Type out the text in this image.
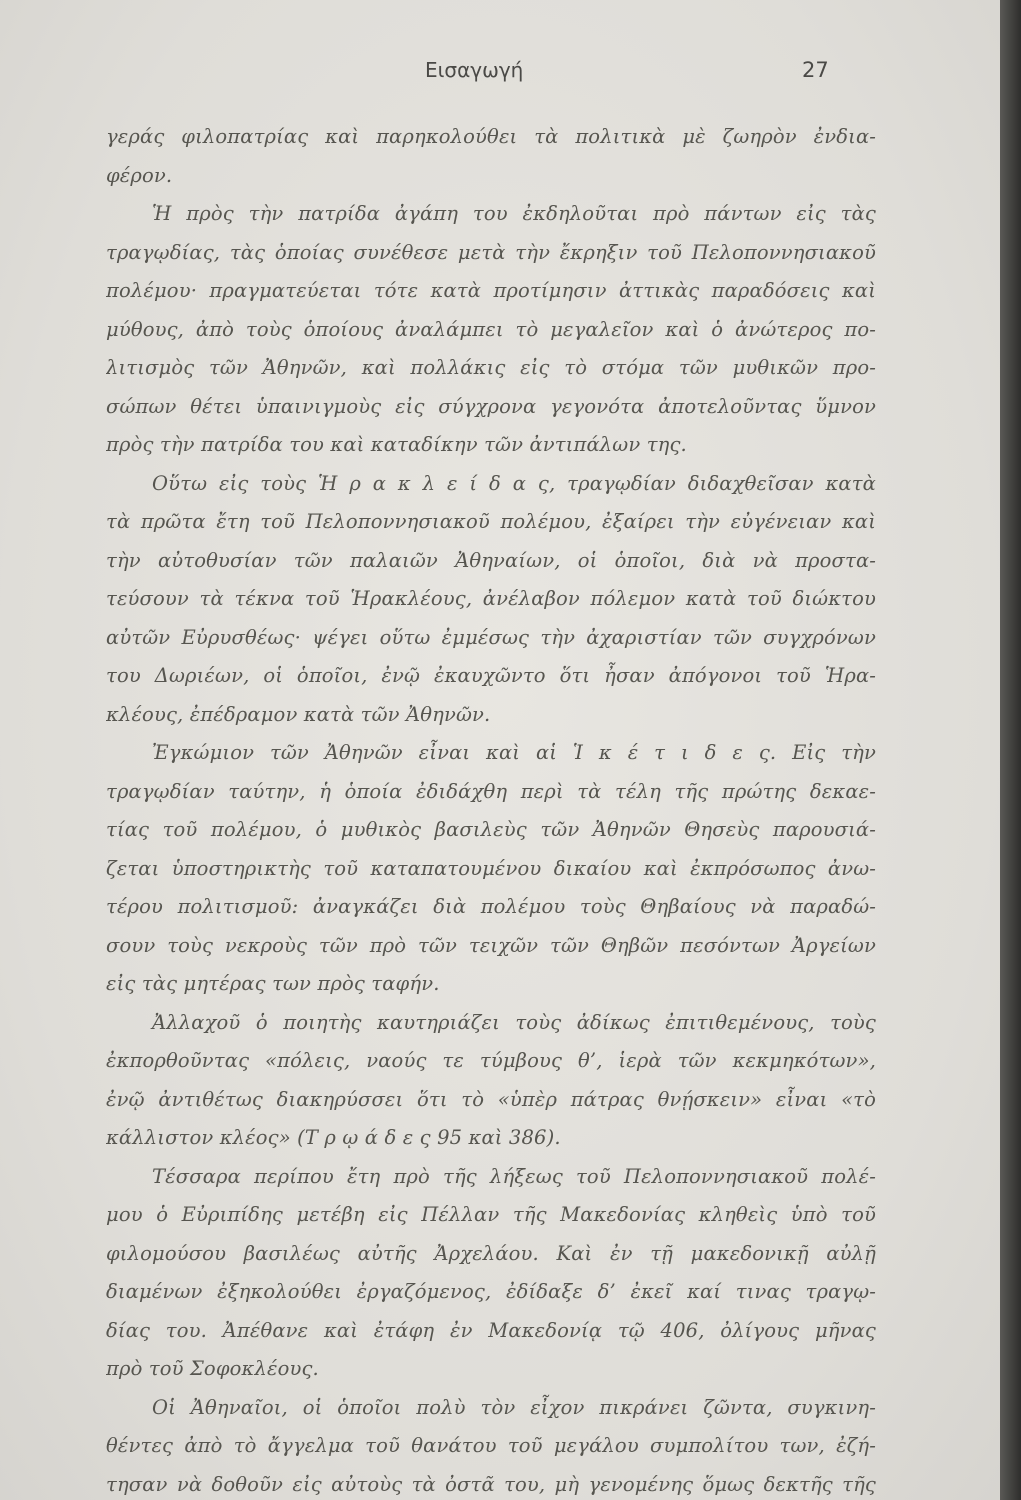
Εισαγωγή	27
γεράς φιλοπατρίας καὶ παρηκολούθει τὰ πολιτικὰ μὲ ζωηρὸν ἐνδια-
φέρον.
Ἡ πρὸς τὴν πατρίδα ἀγάπη του ἐκδηλοῦται πρὸ πάντων εἰς τὰς
τραγῳδίας, τὰς ὁποίας συνέθεσε μετὰ τὴν ἔκρηξιν τοῦ Πελοποννησιακοῦ
πολέμου· πραγματεύεται τότε κατὰ προτίμησιν ἀττικὰς παραδόσεις καὶ
μύθους, ἀπὸ τοὺς ὁποίους ἀναλάμπει τὸ μεγαλεῖον καὶ ὁ ἀνώτερος πο-
λιτισμὸς τῶν Ἀθηνῶν, καὶ πολλάκις εἰς τὸ στόμα τῶν μυθικῶν προ-
σώπων θέτει ὑπαινιγμοὺς εἰς σύγχρονα γεγονότα ἀποτελοῦντας ὕμνον
πρὸς τὴν πατρίδα του καὶ καταδίκην τῶν ἀντιπάλων της.
Οὕτω εἰς τοὺς Ἡ ρ α κ λ ε ί δ α ς, τραγῳδίαν διδαχθεῖσαν κατὰ
τὰ πρῶτα ἔτη τοῦ Πελοποννησιακοῦ πολέμου, ἐξαίρει τὴν εὐγένειαν καὶ
τὴν αὐτοθυσίαν τῶν παλαιῶν Ἀθηναίων, οἱ ὁποῖοι, διὰ νὰ προστα-
τεύσουν τὰ τέκνα τοῦ Ἡρακλέους, ἀνέλαβον πόλεμον κατὰ τοῦ διώκτου
αὐτῶν Εὐρυσθέως· ψέγει οὕτω ἐμμέσως τὴν ἀχαριστίαν τῶν συγχρόνων
του Δωριέων, οἱ ὁποῖοι, ἐνῷ ἐκαυχῶντο ὅτι ἦσαν ἀπόγονοι τοῦ Ἡρα-
κλέους, ἐπέδραμον κατὰ τῶν Ἀθηνῶν.
Ἐγκώμιον τῶν Ἀθηνῶν εἶναι καὶ αἱ Ἱ κ έ τ ι δ ε ς. Εἰς τὴν
τραγῳδίαν ταύτην, ἡ ὁποία ἐδιδάχθη περὶ τὰ τέλη τῆς πρώτης δεκαε-
τίας τοῦ πολέμου, ὁ μυθικὸς βασιλεὺς τῶν Ἀθηνῶν Θησεὺς παρουσιά-
ζεται ὑποστηρικτὴς τοῦ καταπατουμένου δικαίου καὶ ἐκπρόσωπος ἀνω-
τέρου πολιτισμοῦ: ἀναγκάζει διὰ πολέμου τοὺς Θηβαίους νὰ παραδώ-
σουν τοὺς νεκροὺς τῶν πρὸ τῶν τειχῶν τῶν Θηβῶν πεσόντων Ἀργείων
εἰς τὰς μητέρας των πρὸς ταφήν.
Ἀλλαχοῦ ὁ ποιητὴς καυτηριάζει τοὺς ἀδίκως ἐπιτιθεμένους, τοὺς
ἐκπορθοῦντας «πόλεις, ναούς τε τύμβους θ’, ἱερὰ τῶν κεκμηκότων»,
ἐνῷ ἀντιθέτως διακηρύσσει ὅτι τὸ «ὑπὲρ πάτρας θνῄσκειν» εἶναι «τὸ
κάλλιστον κλέος» (Τ ρ ῳ ά δ ε ς 95 καὶ 386).
Τέσσαρα περίπου ἔτη πρὸ τῆς λήξεως τοῦ Πελοποννησιακοῦ πολέ-
μου ὁ Εὐριπίδης μετέβη εἰς Πέλλαν τῆς Μακεδονίας κληθεὶς ὑπὸ τοῦ
φιλομούσου βασιλέως αὐτῆς Ἀρχελάου. Καὶ ἐν τῇ μακεδονικῇ αὐλῇ
διαμένων ἐξηκολούθει ἐργαζόμενος, ἐδίδαξε δ’ ἐκεῖ καί τινας τραγῳ-
δίας του. Ἀπέθανε καὶ ἐτάφη ἐν Μακεδονίᾳ τῷ 406, ὀλίγους μῆνας
πρὸ τοῦ Σοφοκλέους.
Οἱ Ἀθηναῖοι, οἱ ὁποῖοι πολὺ τὸν εἶχον πικράνει ζῶντα, συγκινη-
θέντες ἀπὸ τὸ ἄγγελμα τοῦ θανάτου τοῦ μεγάλου συμπολίτου των, ἐζή-
τησαν νὰ δοθοῦν εἰς αὐτοὺς τὰ ὀστᾶ του, μὴ γενομένης ὅμως δεκτῆς τῆς
